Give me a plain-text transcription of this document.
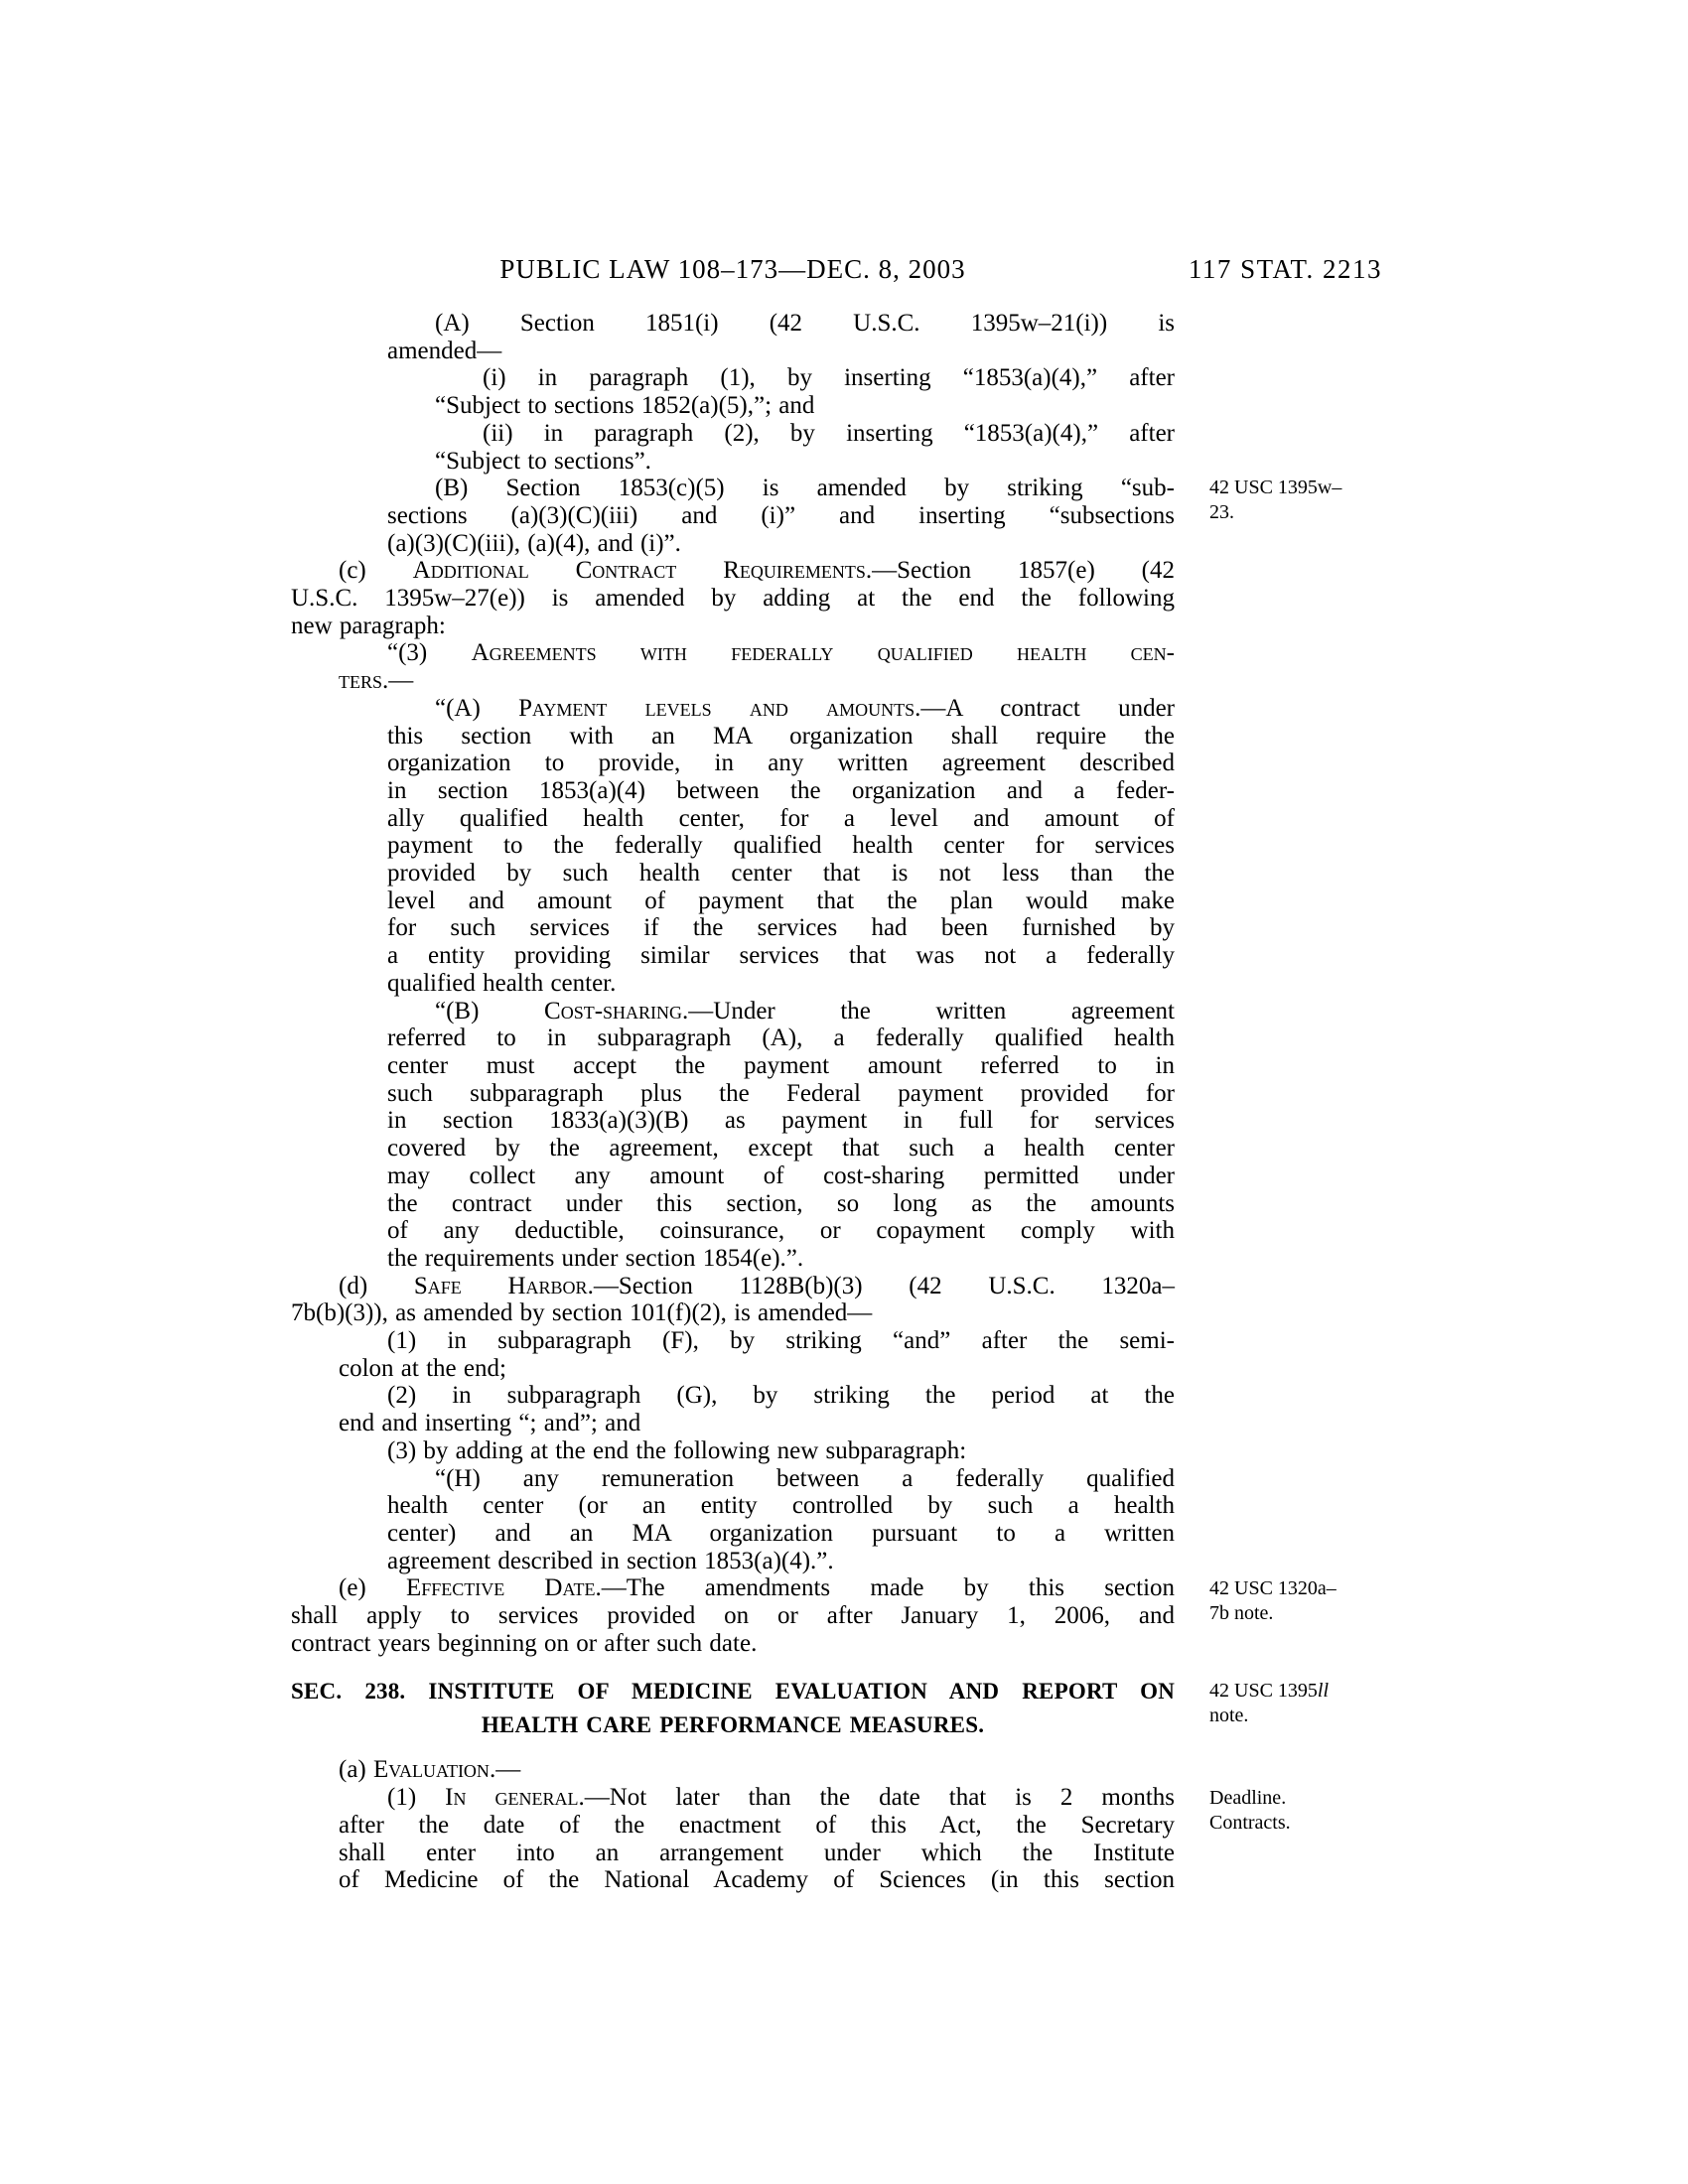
PUBLIC LAW 108–173—DEC. 8, 2003	117 STAT. 2213
(A) Section 1851(i) (42 U.S.C. 1395w–21(i)) is
amended—
(i) in paragraph (1), by inserting “1853(a)(4),” after
“Subject to sections 1852(a)(5),”; and
(ii) in paragraph (2), by inserting “1853(a)(4),” after
“Subject to sections”.
(B) Section 1853(c)(5) is amended by striking “sub-
sections (a)(3)(C)(iii) and (i)” and inserting “subsections
(a)(3)(C)(iii), (a)(4), and (i)”.
(c) Additional Contract Requirements.—Section 1857(e) (42
U.S.C. 1395w–27(e)) is amended by adding at the end the following
new paragraph:
“(3) Agreements with federally qualified health cen-
ters.—
“(A) Payment levels and amounts.—A contract under
this section with an MA organization shall require the
organization to provide, in any written agreement described
in section 1853(a)(4) between the organization and a feder-
ally qualified health center, for a level and amount of
payment to the federally qualified health center for services
provided by such health center that is not less than the
level and amount of payment that the plan would make
for such services if the services had been furnished by
a entity providing similar services that was not a federally
qualified health center.
“(B) Cost-sharing.—Under the written agreement
referred to in subparagraph (A), a federally qualified health
center must accept the payment amount referred to in
such subparagraph plus the Federal payment provided for
in section 1833(a)(3)(B) as payment in full for services
covered by the agreement, except that such a health center
may collect any amount of cost-sharing permitted under
the contract under this section, so long as the amounts
of any deductible, coinsurance, or copayment comply with
the requirements under section 1854(e).”.
(d) Safe Harbor.—Section 1128B(b)(3) (42 U.S.C. 1320a–
7b(b)(3)), as amended by section 101(f)(2), is amended—
(1) in subparagraph (F), by striking “and” after the semi-
colon at the end;
(2) in subparagraph (G), by striking the period at the
end and inserting “; and”; and
(3) by adding at the end the following new subparagraph:
“(H) any remuneration between a federally qualified
health center (or an entity controlled by such a health
center) and an MA organization pursuant to a written
agreement described in section 1853(a)(4).”.
(e) Effective Date.—The amendments made by this section
shall apply to services provided on or after January 1, 2006, and
contract years beginning on or after such date.
SEC. 238. INSTITUTE OF MEDICINE EVALUATION AND REPORT ON
HEALTH CARE PERFORMANCE MEASURES.
(a) Evaluation.—
(1) In general.—Not later than the date that is 2 months
after the date of the enactment of this Act, the Secretary
shall enter into an arrangement under which the Institute
of Medicine of the National Academy of Sciences (in this section
42 USC 1395w–23.
42 USC 1320a–7b note.
42 USC 1395ll note.
Deadline. Contracts.
